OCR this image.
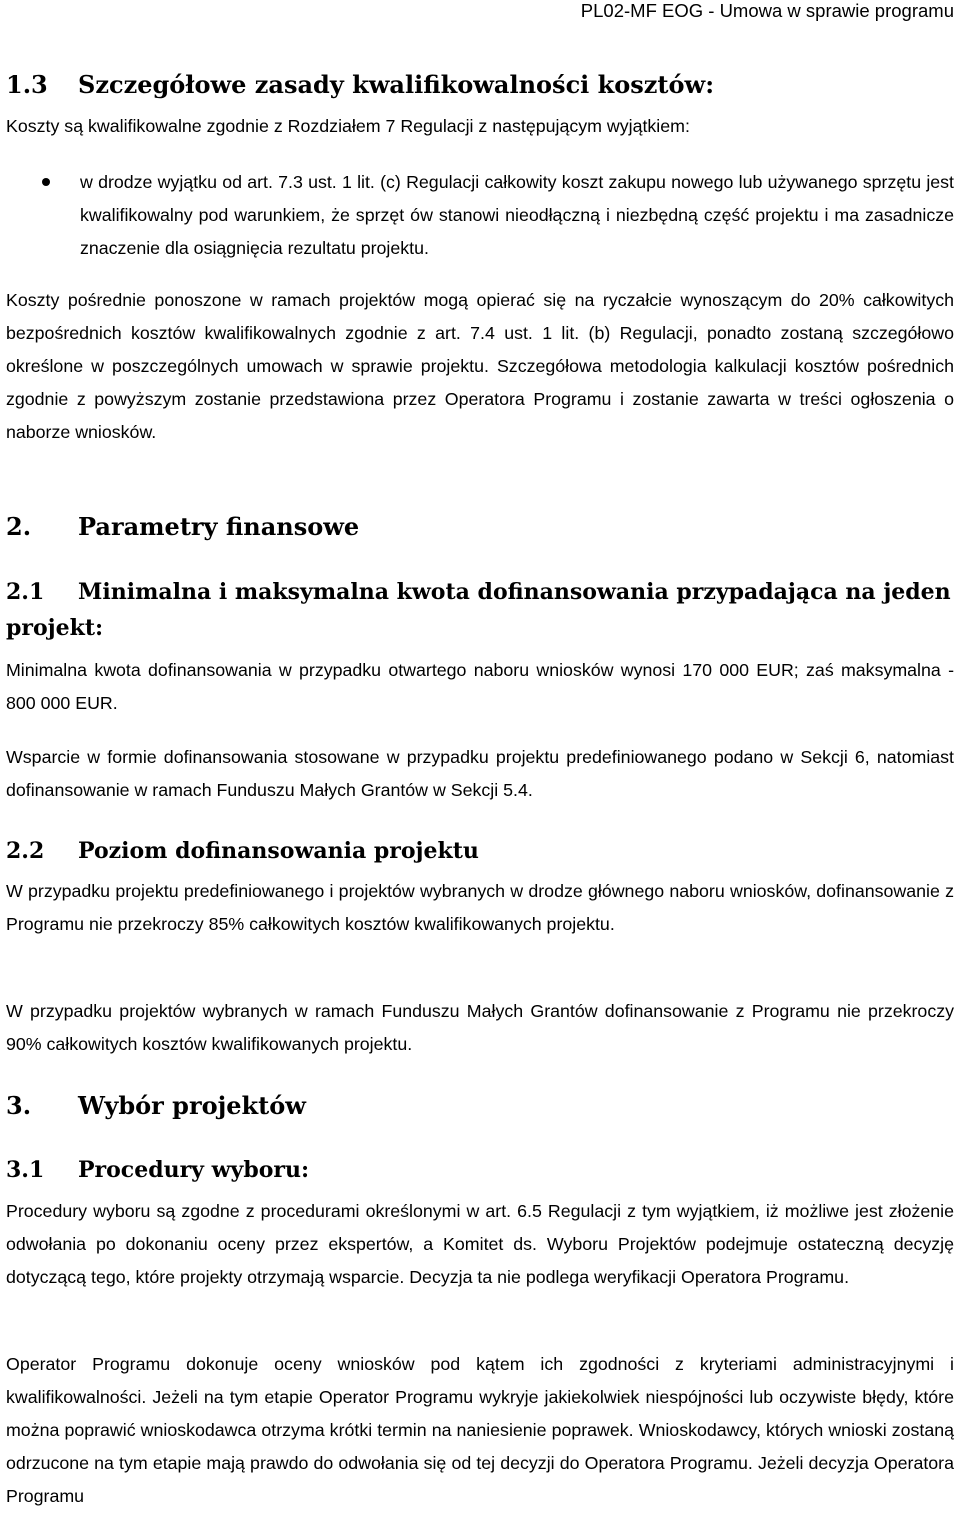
PL02-MF EOG - Umowa w sprawie programu
1.3 Szczegółowe zasady kwalifikowalności kosztów:

Koszty są kwalifikowalne zgodnie z Rozdziałem 7 Regulacji z następującym wyjątkiem:

w drodze wyjątku od art. 7.3 ust. 1 lit. (c) Regulacji całkowity koszt zakupu nowego lub używanego sprzętu jest kwalifikowalny pod warunkiem, że sprzęt ów stanowi nieodłączną i niezbędną część projektu i ma zasadnicze znaczenie dla osiągnięcia rezultatu projektu.

Koszty pośrednie ponoszone w ramach projektów mogą opierać się na ryczałcie wynoszącym do 20% całkowitych bezpośrednich kosztów kwalifikowalnych zgodnie z art. 7.4 ust. 1 lit. (b) Regulacji, ponadto zostaną szczegółowo określone w poszczególnych umowach w sprawie projektu. Szczegółowa metodologia kalkulacji kosztów pośrednich zgodnie z powyższym zostanie przedstawiona przez Operatora Programu i zostanie zawarta w treści ogłoszenia o naborze wniosków.

2. Parametry finansowe
2.1 Minimalna i maksymalna kwota dofinansowania przypadająca na jeden projekt:

Minimalna kwota dofinansowania w przypadku otwartego naboru wniosków wynosi 170 000 EUR; zaś maksymalna - 800 000 EUR.

Wsparcie w formie dofinansowania stosowane w przypadku projektu predefiniowanego podano w Sekcji 6, natomiast dofinansowanie w ramach Funduszu Małych Grantów w Sekcji 5.4.

2.2 Poziom dofinansowania projektu

W przypadku projektu predefiniowanego i projektów wybranych w drodze głównego naboru wniosków, dofinansowanie z Programu nie przekroczy 85% całkowitych kosztów kwalifikowanych projektu.

W przypadku projektów wybranych w ramach Funduszu Małych Grantów dofinansowanie z Programu nie przekroczy 90% całkowitych kosztów kwalifikowanych projektu.

3. Wybór projektów
3.1 Procedury wyboru:

Procedury wyboru są zgodne z procedurami określonymi w art. 6.5 Regulacji z tym wyjątkiem, iż możliwe jest złożenie odwołania po dokonaniu oceny przez ekspertów, a Komitet ds. Wyboru Projektów podejmuje ostateczną decyzję dotyczącą tego, które projekty otrzymają wsparcie. Decyzja ta nie podlega weryfikacji Operatora Programu.

Operator Programu dokonuje oceny wniosków pod kątem ich zgodności z kryteriami administracyjnymi i kwalifikowalności. Jeżeli na tym etapie Operator Programu wykryje jakiekolwiek niespójności lub oczywiste błędy, które można poprawić wnioskodawca otrzyma krótki termin na naniesienie poprawek. Wnioskodawcy, których wnioski zostaną odrzucone na tym etapie mają prawdo do odwołania się od tej decyzji do Operatora Programu. Jeżeli decyzja Operatora Programu
